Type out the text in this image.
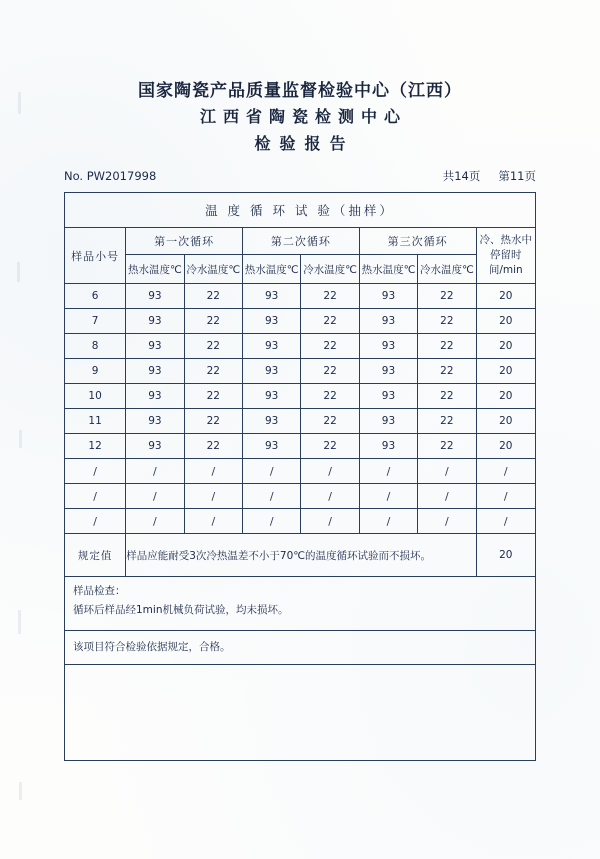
国家陶瓷产品质量监督检验中心（江西）
江西省陶瓷检测中心
检验报告
No. PW2017998	共14页 第11页
温 度 循 环 试 验（抽样）							
样品小号	第一次循环		第二次循环		第三次循环		冷、热水中停留时间/min
	热水温度℃	冷水温度℃	热水温度℃	冷水温度℃	热水温度℃	冷水温度℃	
6	93	22	93	22	93	22	20
7	93	22	93	22	93	22	20
8	93	22	93	22	93	22	20
9	93	22	93	22	93	22	20
10	93	22	93	22	93	22	20
11	93	22	93	22	93	22	20
12	93	22	93	22	93	22	20
/	/	/	/	/	/	/	/
/	/	/	/	/	/	/	/
/	/	/	/	/	/	/	/
规定值	样品应能耐受3次冷热温差不小于70℃的温度循环试验而不损坏。						20
样品检查：
循环后样品经1min机械负荷试验，均未损坏。
该项目符合检验依据规定，合格。
